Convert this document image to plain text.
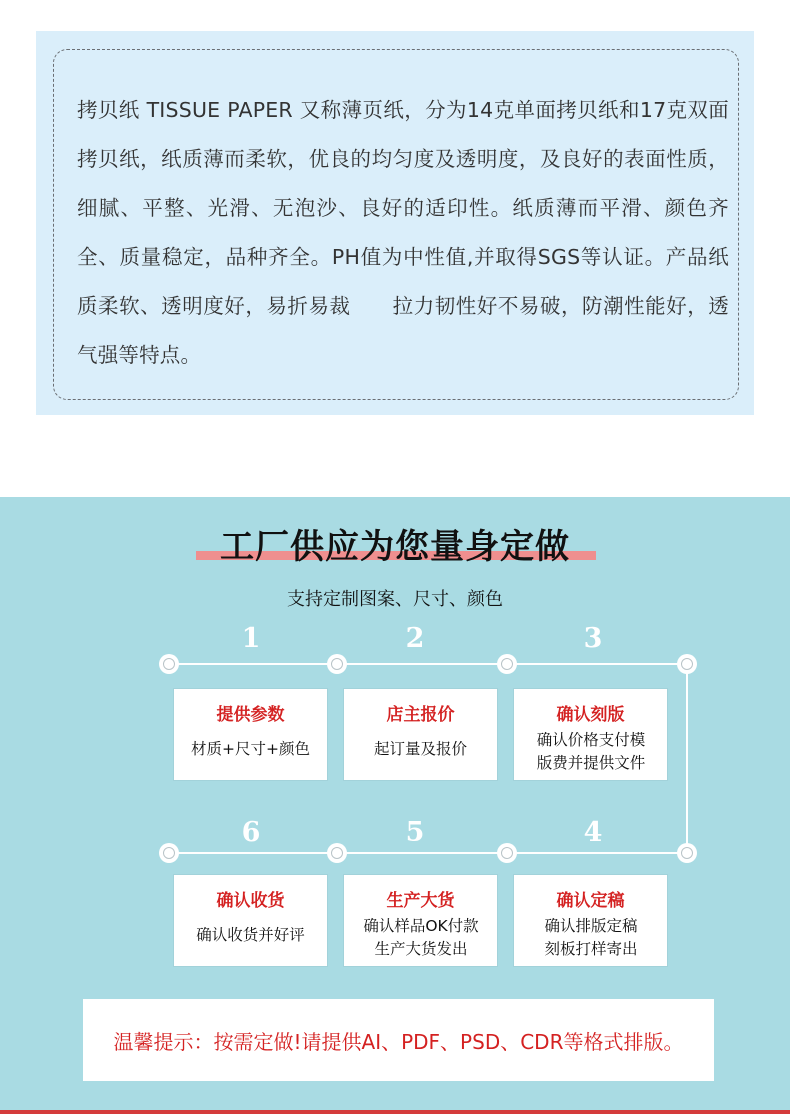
拷贝纸 TISSUE PAPER 又称薄页纸，分为14克单面拷贝纸和17克双面拷贝纸，纸质薄而柔软，优良的均匀度及透明度，及良好的表面性质，细腻、平整、光滑、无泡沙、良好的适印性。纸质薄而平滑、颜色齐全、质量稳定，品种齐全。PH值为中性值,并取得SGS等认证。产品纸质柔软、透明度好，易折易裁　　拉力韧性好不易破，防潮性能好，透气强等特点。

工厂供应为您量身定做
支持定制图案、尺寸、颜色
1	2	3
6	5	4
提供参数
材质+尺寸+颜色
店主报价
起订量及报价
确认刻版
确认价格支付模版费并提供文件
确认收货
确认收货并好评
生产大货
确认样品OK付款生产大货发出
确认定稿
确认排版定稿刻板打样寄出
温馨提示：按需定做!请提供AI、PDF、PSD、CDR等格式排版。
